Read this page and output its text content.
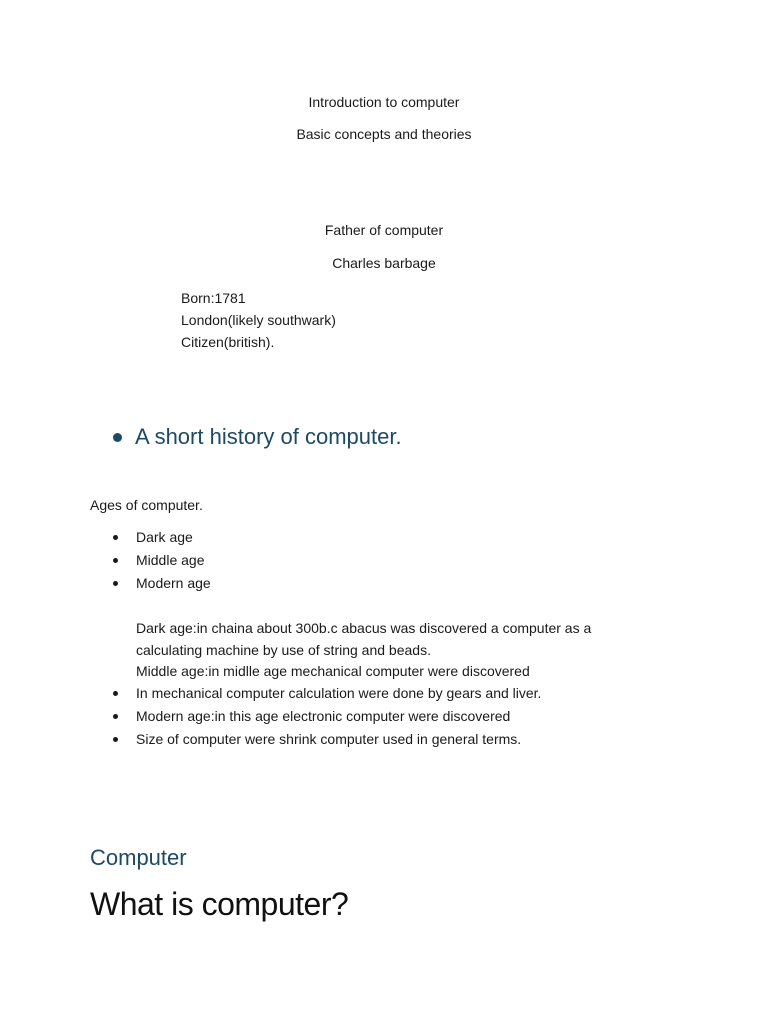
Introduction to computer
Basic concepts and theories
Father of computer
Charles barbage
Born:1781
London(likely southwark)
Citizen(british).
A short history of computer.
Ages of computer.
Dark age
Middle age
Modern age
Dark age:in chaina about 300b.c abacus was discovered a computer as a calculating machine by use of string and beads.
Middle age:in midlle age mechanical computer were discovered
In mechanical computer calculation were done by gears and liver.
Modern age:in this age electronic computer were discovered
Size of computer were shrink computer used in general terms.
Computer
What is computer?
